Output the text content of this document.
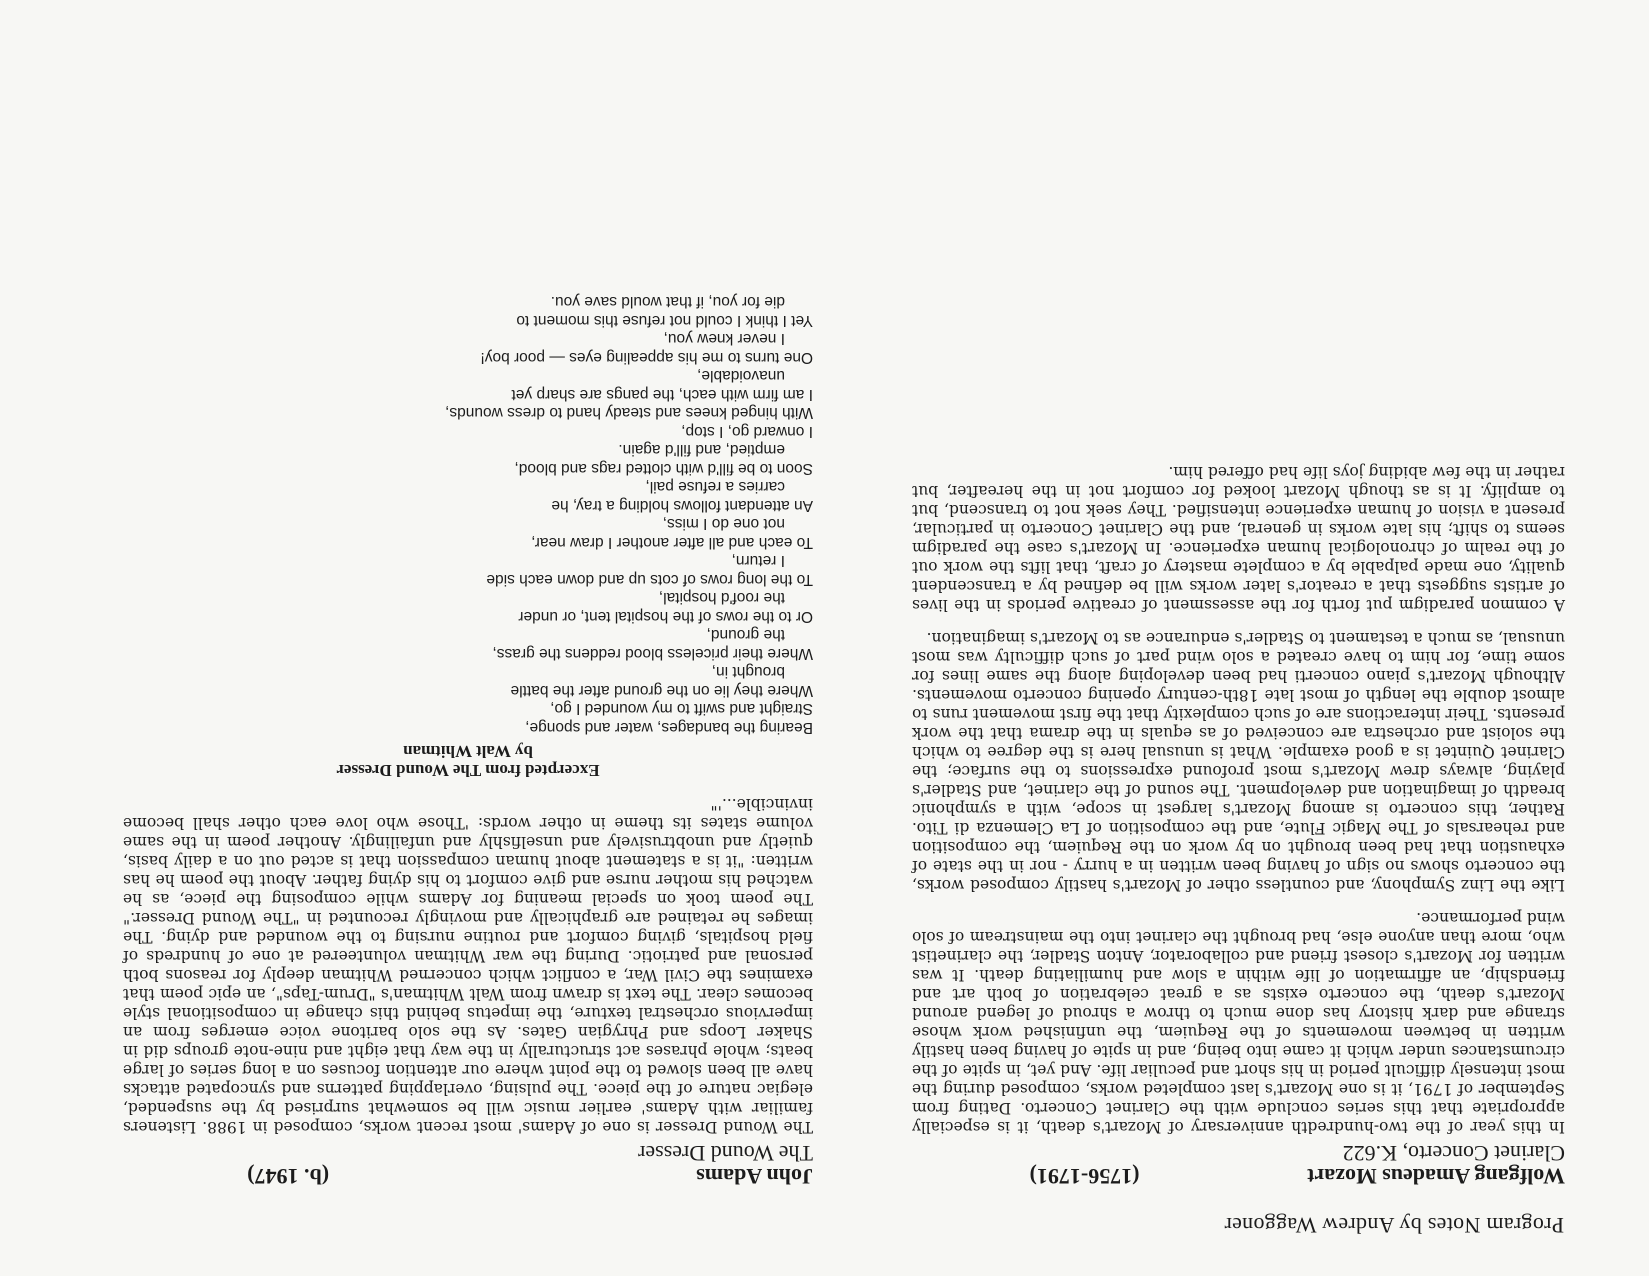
Program Notes by Andrew Waggoner
Wolfgang Amadeus Mozart
(1756-1791)
Clarinet Concerto, K.622

In this year of the two-hundredth anniversary of Mozart's death, it is especially appropriate that this series conclude with the Clarinet Concerto. Dating from September of 1791, it is one Mozart's last completed works, composed during the most intensely difficult period in his short and peculiar life. And yet, in spite of the circumstances under which it came into being, and in spite of having been hastily written in between movements of the Requiem, the unfinished work whose strange and dark history has done much to throw a shroud of legend around Mozart's death, the concerto exists as a great celebration of both art and friendship, an affirmation of life within a slow and humiliating death. It was written for Mozart's closest friend and collaborator, Anton Stadler, the clarinetist who, more than anyone else, had brought the clarinet into the mainstream of solo wind performance.

Like the Linz Symphony, and countless other of Mozart's hastily composed works, the concerto shows no sign of having been written in a hurry - nor in the state of exhaustion that had been brought on by work on the Requiem, the composition and rehearsals of The Magic Flute, and the composition of La Clemenza di Tito. Rather, this concerto is among Mozart's largest in scope, with a symphonic breadth of imagination and development. The sound of the clarinet, and Stadler's playing, always drew Mozart's most profound expressions to the surface; the Clarinet Quintet is a good example. What is unusual here is the degree to which the soloist and orchestra are conceived of as equals in the drama that the work presents. Their interactions are of such complexity that the first movement runs to almost double the length of most late 18th-century opening concerto movements. Although Mozart's piano concerti had been developing along the same lines for some time, for him to have created a solo wind part of such difficulty was most unusual, as much a testament to Stadler's endurance as to Mozart's imagination.

A common paradigm put forth for the assessment of creative periods in the lives of artists suggests that a creator's later works will be defined by a transcendent quality, one made palpable by a complete mastery of craft, that lifts the work out of the realm of chronological human experience. In Mozart's case the paradigm seems to shift; his late works in general, and the Clarinet Concerto in particular, present a vision of human experience intensified. They seek not to transcend, but to amplify. It is as though Mozart looked for comfort not in the hereafter, but rather in the few abiding joys life had offered him.

John Adams
(b. 1947)
The Wound Dresser

The Wound Dresser is one of Adams' most recent works, composed in 1988. Listeners familiar with Adams' earlier music will be somewhat surprised by the suspended, elegiac nature of the piece. The pulsing, overlapping patterns and syncopated attacks have all been slowed to the point where our attention focuses on a long series of large beats; whole phrases act structurally in the way that eight and nine-note groups did in Shaker Loops and Phrygian Gates. As the solo baritone voice emerges from an impervious orchestral texture, the impetus behind this change in compositional style becomes clear. The text is drawn from Walt Whitman's "Drum-Taps", an epic poem that examines the Civil War, a conflict which concerned Whitman deeply for reasons both personal and patriotic. During the war Whitman volunteered at one of hundreds of field hospitals, giving comfort and routine nursing to the wounded and dying. The images he retained are graphically and movingly recounted in "The Wound Dresser." The poem took on special meaning for Adams while composing the piece, as he watched his mother nurse and give comfort to his dying father. About the poem he has written: "it is a statement about human compassion that is acted out on a daily basis, quietly and unobtrusively and unselfishly and unfailingly. Another poem in the same volume states its theme in other words: 'Those who love each other shall become invincible...'"

Excerpted from The Wound Dresser
by Walt Whitman
Bearing the bandages, water and sponge,
Straight and swift to my wounded I go,
Where they lie on the ground after the battle
brought in,
Where their priceless blood reddens the grass,
the ground,
Or to the rows of the hospital tent, or under
the roof'd hospital,
To the long rows of cots up and down each side
I return,
To each and all after another I draw near,
not one do I miss,
An attendant follows holding a tray, he
carries a refuse pail,
Soon to be fill'd with clotted rags and blood,
emptied, and fill'd again.
I onward go, I stop,
With hinged knees and steady hand to dress wounds,
I am firm with each, the pangs are sharp yet
unavoidable,
One turns to me his appealing eyes — poor boy!
I never knew you,
Yet I think I could not refuse this moment to
die for you, if that would save you.
